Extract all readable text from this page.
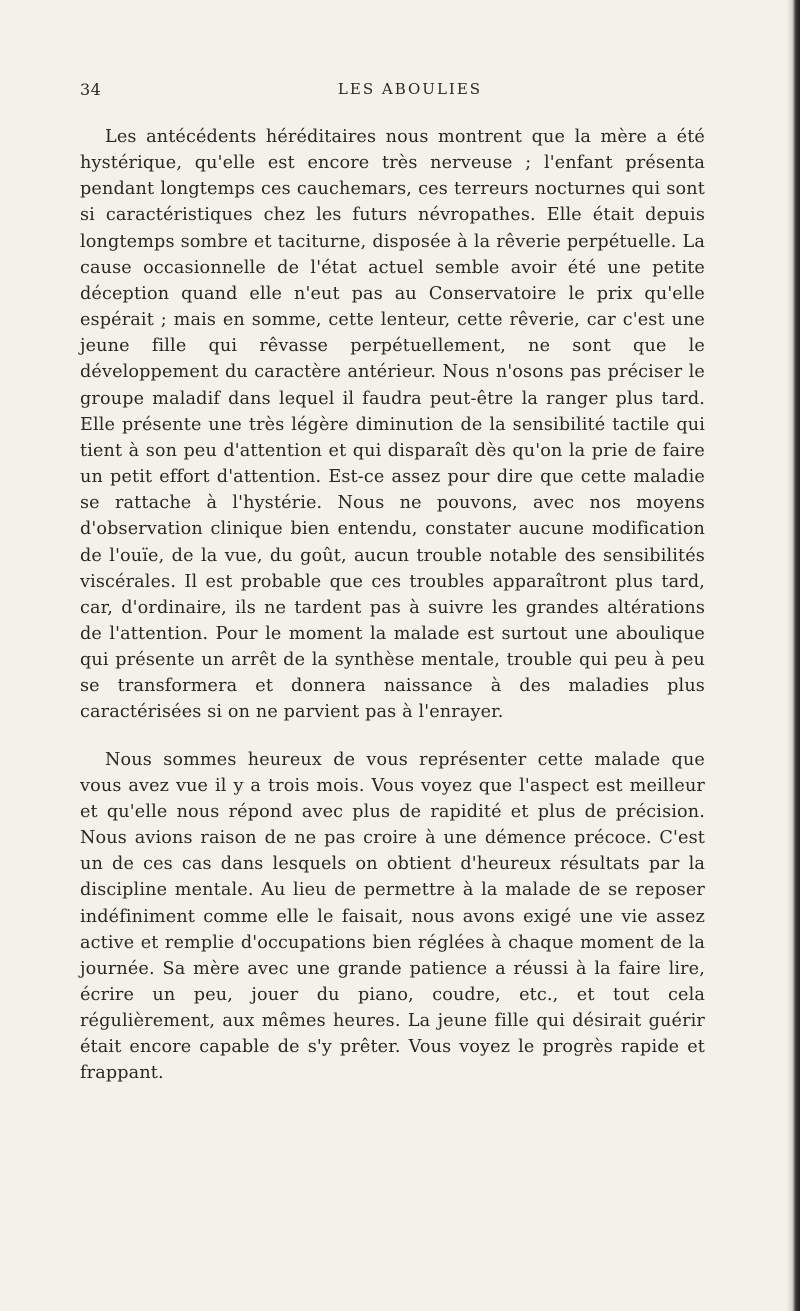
34	LES ABOULIES

Les antécédents héréditaires nous montrent que la mère a été hystérique, qu'elle est encore très nerveuse ; l'enfant présenta pendant longtemps ces cauchemars, ces terreurs nocturnes qui sont si caractéristiques chez les futurs névropathes. Elle était depuis longtemps sombre et taciturne, disposée à la rêverie perpétuelle. La cause occasionnelle de l'état actuel semble avoir été une petite déception quand elle n'eut pas au Conservatoire le prix qu'elle espérait ; mais en somme, cette lenteur, cette rêverie, car c'est une jeune fille qui rêvasse perpétuellement, ne sont que le développement du caractère antérieur. Nous n'osons pas préciser le groupe maladif dans lequel il faudra peut-être la ranger plus tard. Elle présente une très légère diminution de la sensibilité tactile qui tient à son peu d'attention et qui disparaît dès qu'on la prie de faire un petit effort d'attention. Est-ce assez pour dire que cette maladie se rattache à l'hystérie. Nous ne pouvons, avec nos moyens d'observation clinique bien entendu, constater aucune modification de l'ouïe, de la vue, du goût, aucun trouble notable des sensibilités viscérales. Il est probable que ces troubles apparaîtront plus tard, car, d'ordinaire, ils ne tardent pas à suivre les grandes altérations de l'attention. Pour le moment la malade est surtout une aboulique qui présente un arrêt de la synthèse mentale, trouble qui peu à peu se transformera et donnera naissance à des maladies plus caractérisées si on ne parvient pas à l'enrayer.

Nous sommes heureux de vous représenter cette malade que vous avez vue il y a trois mois. Vous voyez que l'aspect est meilleur et qu'elle nous répond avec plus de rapidité et plus de précision. Nous avions raison de ne pas croire à une démence précoce. C'est un de ces cas dans lesquels on obtient d'heureux résultats par la discipline mentale. Au lieu de permettre à la malade de se reposer indéfiniment comme elle le faisait, nous avons exigé une vie assez active et remplie d'occupations bien réglées à chaque moment de la journée. Sa mère avec une grande patience a réussi à la faire lire, écrire un peu, jouer du piano, coudre, etc., et tout cela régulièrement, aux mêmes heures. La jeune fille qui désirait guérir était encore capable de s'y prêter. Vous voyez le progrès rapide et frappant.
